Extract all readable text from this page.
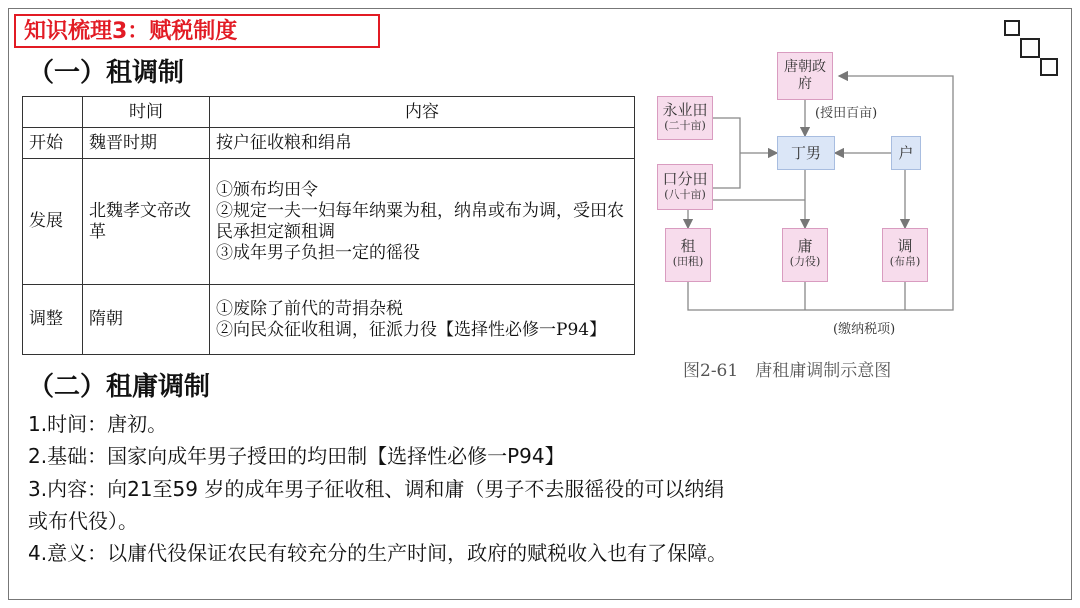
知识梳理3：赋税制度
（一）租调制
	时间	内容
开始	魏晋时期	按户征收粮和绢帛

发展	北魏孝文帝改革	①颁布均田令
②规定一夫一妇每年纳粟为租，纳帛或布为调，受田农民承担定额租调
③成年男子负担一定的徭役

调整	隋朝	①废除了前代的苛捐杂税
②向民众征收租调，征派力役【选择性必修一P94】
唐朝政府
(授田百亩)
永业田
(二十亩)
口分田
(八十亩)
丁男	户
租
(田租)
庸
(力役)
调
(布帛)
(缴纳税项)
图2-61　唐租庸调制示意图
（二）租庸调制
1.时间：唐初。
2.基础：国家向成年男子授田的均田制【选择性必修一P94】
3.内容：向21至59 岁的成年男子征收租、调和庸（男子不去服徭役的可以纳绢
或布代役）。
4.意义：以庸代役保证农民有较充分的生产时间，政府的赋税收入也有了保障。
